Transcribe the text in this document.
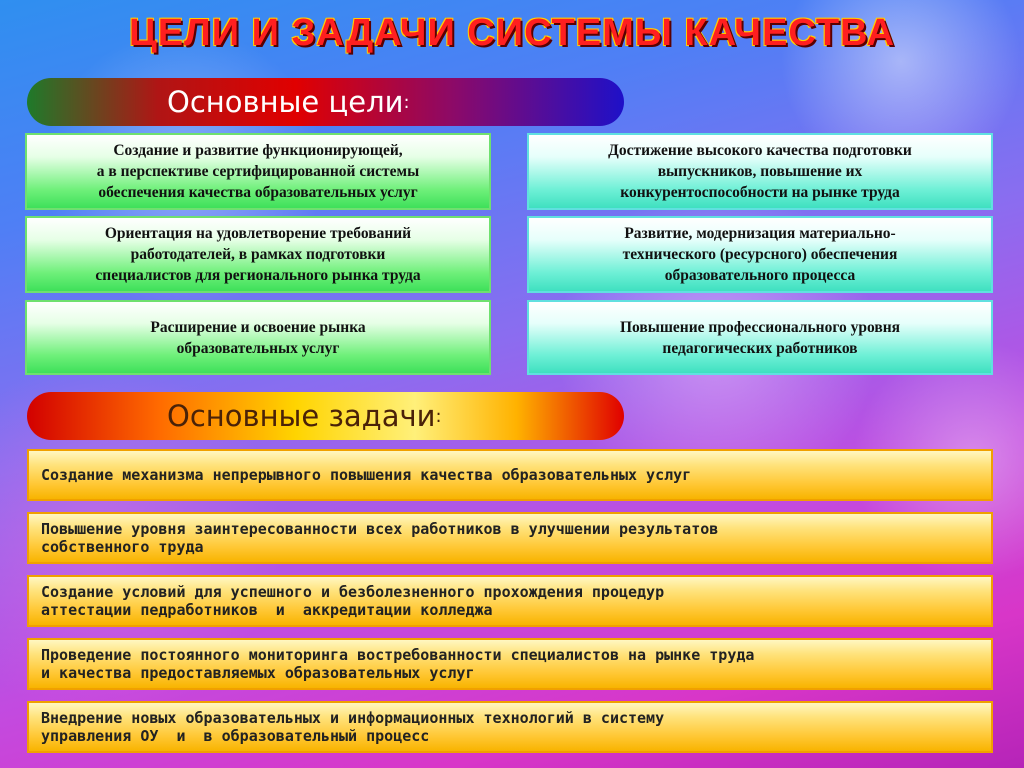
ЦЕЛИ И ЗАДАЧИ СИСТЕМЫ КАЧЕСТВА
Основные цели :
Создание и развитие функционирующей,
а в перспективе сертифицированной системы
обеспечения качества образовательных услуг
Достижение высокого качества подготовки
выпускников, повышение их
конкурентоспособности на рынке труда
Ориентация на удовлетворение требований
работодателей, в рамках подготовки
специалистов для регионального рынка труда
Развитие, модернизация материально-
технического (ресурсного) обеспечения
образовательного процесса
Расширение и освоение рынка
образовательных услуг
Повышение профессионального уровня
педагогических работников
Основные задачи :
Создание механизма непрерывного повышения качества образовательных услуг
Повышение уровня заинтересованности всех работников в улучшении результатов
собственного труда
Создание условий для успешного и безболезненного прохождения процедур
аттестации педработников  и  аккредитации колледжа
Проведение постоянного мониторинга востребованности специалистов на рынке труда
и качества предоставляемых образовательных услуг
Внедрение новых образовательных и информационных технологий в систему
управления ОУ  и  в образовательный процесс
